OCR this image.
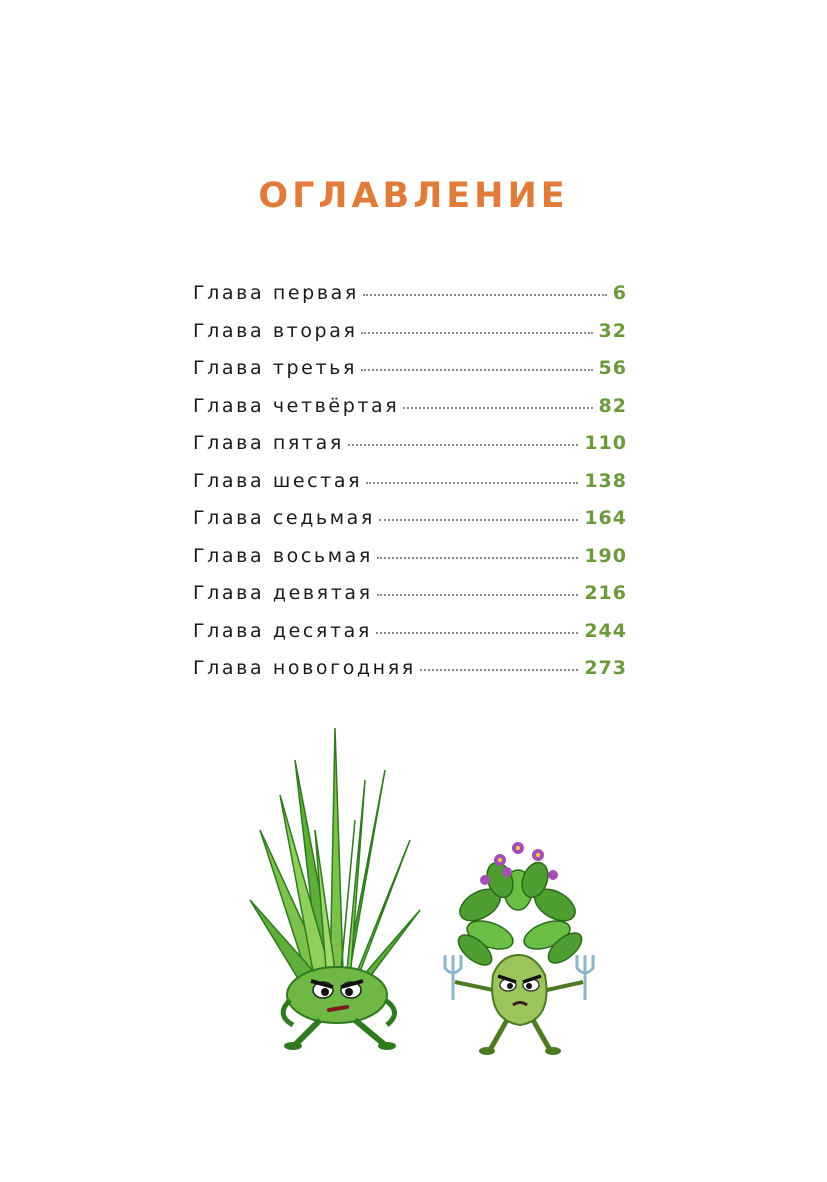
ОГЛАВЛЕНИЕ
Глава первая	6
Глава вторая	32
Глава третья	56
Глава четвёртая	82
Глава пятая	110
Глава шестая	138
Глава седьмая	164
Глава восьмая	190
Глава девятая	216
Глава десятая	244
Глава новогодняя	273
